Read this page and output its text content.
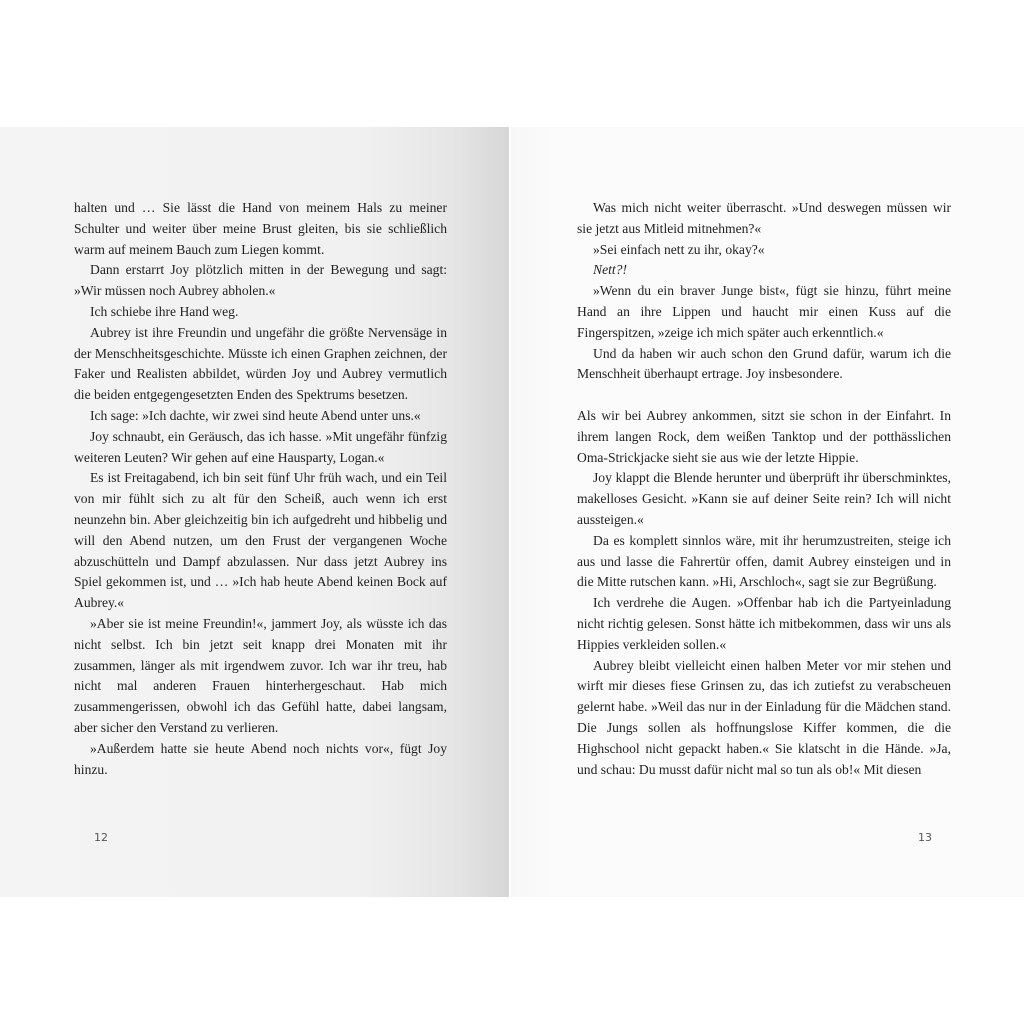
halten und … Sie lässt die Hand von meinem Hals zu meiner Schulter und weiter über meine Brust gleiten, bis sie schließlich warm auf meinem Bauch zum Liegen kommt.

Dann erstarrt Joy plötzlich mitten in der Bewegung und sagt: »Wir müssen noch Aubrey abholen.«

Ich schiebe ihre Hand weg.

Aubrey ist ihre Freundin und ungefähr die größte Nervensäge in der Menschheitsgeschichte. Müsste ich einen Graphen zeichnen, der Faker und Realisten abbildet, würden Joy und Aubrey vermutlich die beiden entgegengesetzten Enden des Spektrums besetzen.

Ich sage: »Ich dachte, wir zwei sind heute Abend unter uns.«

Joy schnaubt, ein Geräusch, das ich hasse. »Mit ungefähr fünfzig weiteren Leuten? Wir gehen auf eine Hausparty, Logan.«

Es ist Freitagabend, ich bin seit fünf Uhr früh wach, und ein Teil von mir fühlt sich zu alt für den Scheiß, auch wenn ich erst neunzehn bin. Aber gleichzeitig bin ich aufgedreht und hibbelig und will den Abend nutzen, um den Frust der vergangenen Woche abzuschütteln und Dampf abzulassen. Nur dass jetzt Aubrey ins Spiel gekommen ist, und … »Ich hab heute Abend keinen Bock auf Aubrey.«

»Aber sie ist meine Freundin!«, jammert Joy, als wüsste ich das nicht selbst. Ich bin jetzt seit knapp drei Monaten mit ihr zusammen, länger als mit irgendwem zuvor. Ich war ihr treu, hab nicht mal anderen Frauen hinterhergeschaut. Hab mich zusammengerissen, obwohl ich das Gefühl hatte, dabei langsam, aber sicher den Verstand zu verlieren.

»Außerdem hatte sie heute Abend noch nichts vor«, fügt Joy hinzu.

12

Was mich nicht weiter überrascht. »Und deswegen müssen wir sie jetzt aus Mitleid mitnehmen?«

»Sei einfach nett zu ihr, okay?«

Nett?!

»Wenn du ein braver Junge bist«, fügt sie hinzu, führt meine Hand an ihre Lippen und haucht mir einen Kuss auf die Fingerspitzen, »zeige ich mich später auch erkenntlich.«

Und da haben wir auch schon den Grund dafür, warum ich die Menschheit überhaupt ertrage. Joy insbesondere.

Als wir bei Aubrey ankommen, sitzt sie schon in der Einfahrt. In ihrem langen Rock, dem weißen Tanktop und der potthässlichen Oma-Strickjacke sieht sie aus wie der letzte Hippie.

Joy klappt die Blende herunter und überprüft ihr überschminktes, makelloses Gesicht. »Kann sie auf deiner Seite rein? Ich will nicht aussteigen.«

Da es komplett sinnlos wäre, mit ihr herumzustreiten, steige ich aus und lasse die Fahrertür offen, damit Aubrey einsteigen und in die Mitte rutschen kann. »Hi, Arschloch«, sagt sie zur Begrüßung.

Ich verdrehe die Augen. »Offenbar hab ich die Partyeinladung nicht richtig gelesen. Sonst hätte ich mitbekommen, dass wir uns als Hippies verkleiden sollen.«

Aubrey bleibt vielleicht einen halben Meter vor mir stehen und wirft mir dieses fiese Grinsen zu, das ich zutiefst zu verabscheuen gelernt habe. »Weil das nur in der Einladung für die Mädchen stand. Die Jungs sollen als hoffnungslose Kiffer kommen, die die Highschool nicht gepackt haben.« Sie klatscht in die Hände. »Ja, und schau: Du musst dafür nicht mal so tun als ob!« Mit diesen

13
